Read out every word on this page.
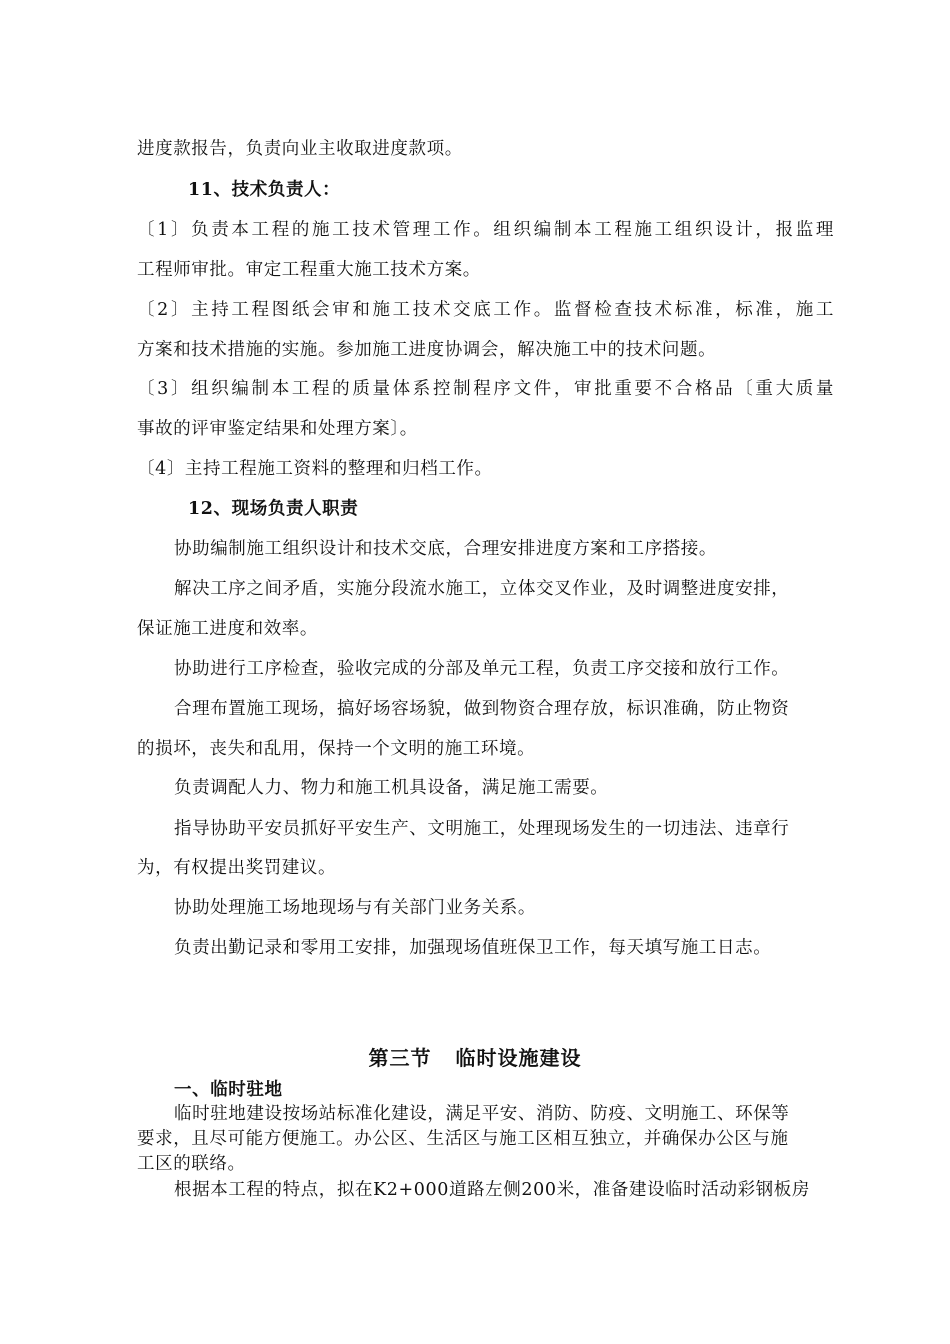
进度款报告，负责向业主收取进度款项。
11、技术负责人：
〔1〕负责本工程的施工技术管理工作。组织编制本工程施工组织设计，报监理
工程师审批。审定工程重大施工技术方案。
〔2〕主持工程图纸会审和施工技术交底工作。监督检查技术标准，标准，施工
方案和技术措施的实施。参加施工进度协调会，解决施工中的技术问题。
〔3〕组织编制本工程的质量体系控制程序文件，审批重要不合格品〔重大质量
事故的评审鉴定结果和处理方案〕。
〔4〕主持工程施工资料的整理和归档工作。
12、现场负责人职责
协助编制施工组织设计和技术交底，合理安排进度方案和工序搭接。
解决工序之间矛盾，实施分段流水施工，立体交叉作业，及时调整进度安排，
保证施工进度和效率。
协助进行工序检查，验收完成的分部及单元工程，负责工序交接和放行工作。
合理布置施工现场，搞好场容场貌，做到物资合理存放，标识准确，防止物资
的损坏，丧失和乱用，保持一个文明的施工环境。
负责调配人力、物力和施工机具设备，满足施工需要。
指导协助平安员抓好平安生产、文明施工，处理现场发生的一切违法、违章行
为，有权提出奖罚建议。
协助处理施工场地现场与有关部门业务关系。
负责出勤记录和零用工安排，加强现场值班保卫工作，每天填写施工日志。
第三节 临时设施建设
一、临时驻地
临时驻地建设按场站标准化建设，满足平安、消防、防疫、文明施工、环保等
要求，且尽可能方便施工。办公区、生活区与施工区相互独立，并确保办公区与施
工区的联络。
根据本工程的特点，拟在K2+000道路左侧200米，准备建设临时活动彩钢板房
